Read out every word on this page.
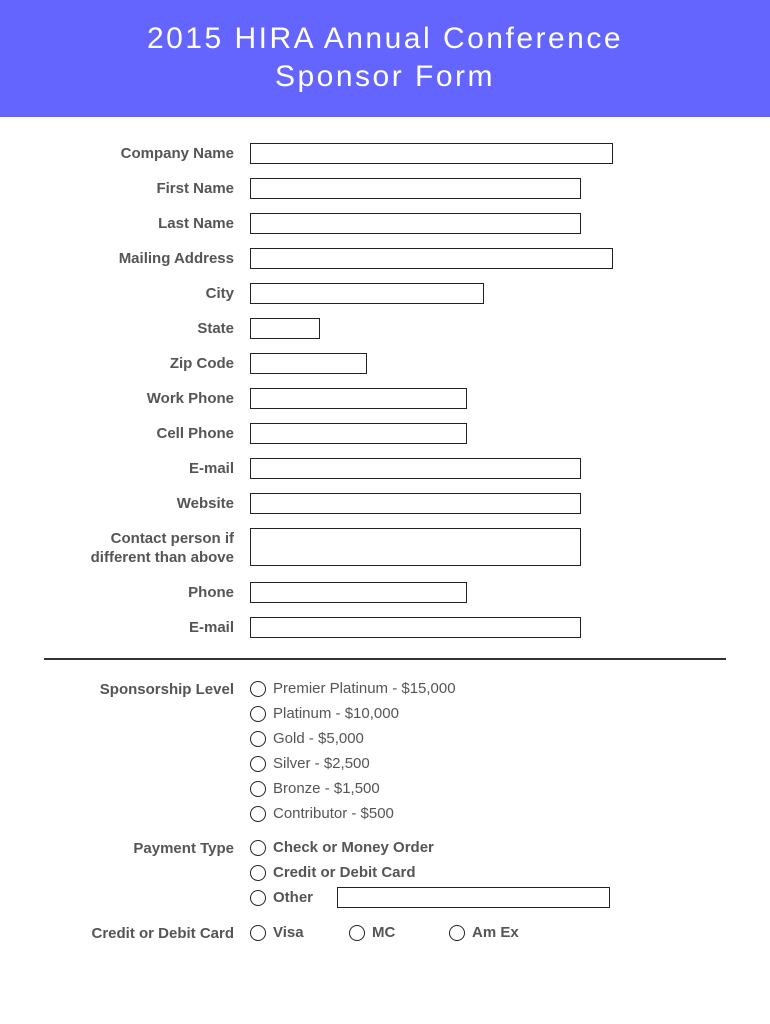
2015 HIRA Annual Conference
Sponsor Form
Company Name
First Name
Last Name
Mailing Address
City
State
Zip Code
Work Phone
Cell Phone
E-mail
Website
Contact person if
different than above
Phone
E-mail
Sponsorship Level	Premier Platinum - $15,000
Platinum - $10,000
Gold - $5,000
Silver - $2,500
Bronze - $1,500
Contributor - $500
Payment Type	Check or Money Order
Credit or Debit Card
Other
Credit or Debit Card	Visa	MC	Am Ex
